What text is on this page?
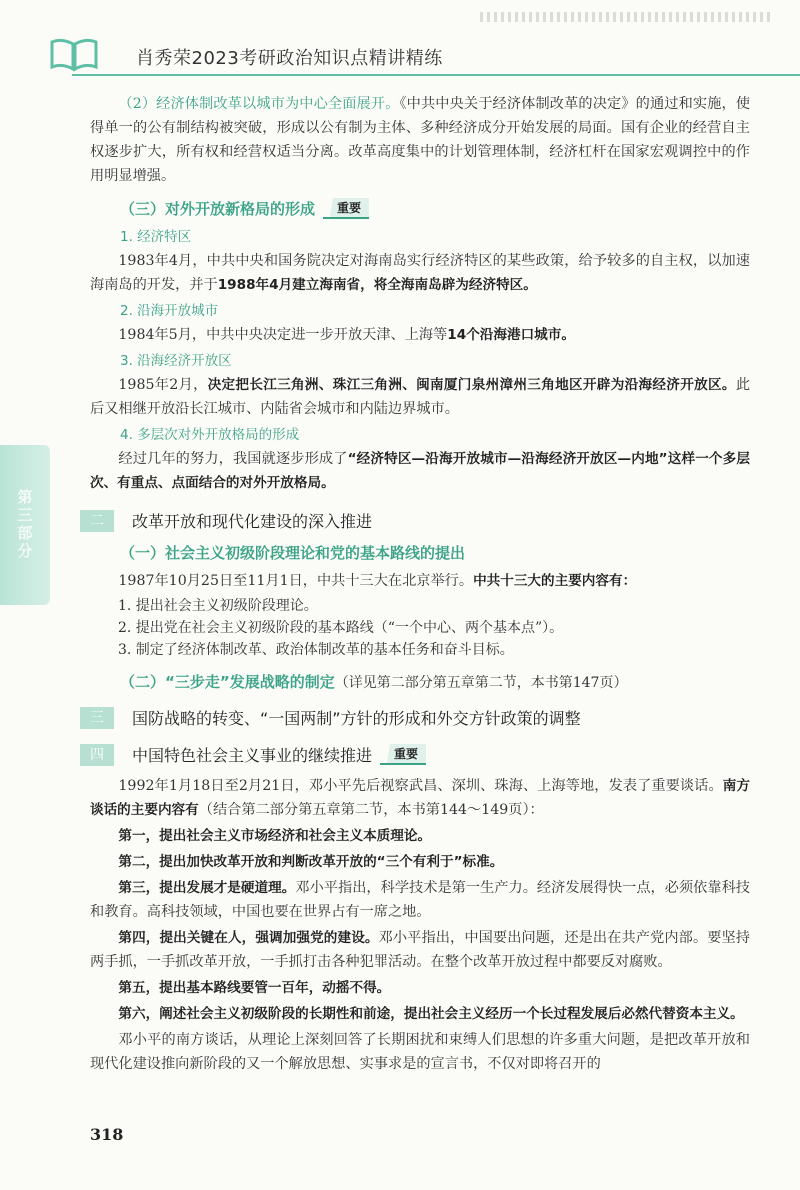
肖秀荣2023考研政治知识点精讲精练
第三部分
（2）经济体制改革以城市为中心全面展开。《中共中央关于经济体制改革的决定》的通过和实施，使得单一的公有制结构被突破，形成以公有制为主体、多种经济成分开始发展的局面。国有企业的经营自主权逐步扩大，所有权和经营权适当分离。改革高度集中的计划管理体制，经济杠杆在国家宏观调控中的作用明显增强。
（三）对外开放新格局的形成	重要
1. 经济特区
1983年4月，中共中央和国务院决定对海南岛实行经济特区的某些政策，给予较多的自主权，以加速海南岛的开发，并于1988年4月建立海南省，将全海南岛辟为经济特区。
2. 沿海开放城市
1984年5月，中共中央决定进一步开放天津、上海等14个沿海港口城市。
3. 沿海经济开放区
1985年2月，决定把长江三角洲、珠江三角洲、闽南厦门泉州漳州三角地区开辟为沿海经济开放区。此后又相继开放沿长江城市、内陆省会城市和内陆边界城市。
4. 多层次对外开放格局的形成
经过几年的努力，我国就逐步形成了“经济特区—沿海开放城市—沿海经济开放区—内地”这样一个多层次、有重点、点面结合的对外开放格局。
二	改革开放和现代化建设的深入推进
（一）社会主义初级阶段理论和党的基本路线的提出
1987年10月25日至11月1日，中共十三大在北京举行。中共十三大的主要内容有：
1. 提出社会主义初级阶段理论。
2. 提出党在社会主义初级阶段的基本路线（“一个中心、两个基本点”）。
3. 制定了经济体制改革、政治体制改革的基本任务和奋斗目标。
（二）“三步走”发展战略的制定 （详见第二部分第五章第二节，本书第147页）
三	国防战略的转变、“一国两制”方针的形成和外交方针政策的调整
四	中国特色社会主义事业的继续推进	重要
1992年1月18日至2月21日，邓小平先后视察武昌、深圳、珠海、上海等地，发表了重要谈话。南方谈话的主要内容有（结合第二部分第五章第二节，本书第144～149页）：
第一，提出社会主义市场经济和社会主义本质理论。
第二，提出加快改革开放和判断改革开放的“三个有利于”标准。
第三，提出发展才是硬道理。邓小平指出，科学技术是第一生产力。经济发展得快一点，必须依靠科技和教育。高科技领域，中国也要在世界占有一席之地。
第四，提出关键在人，强调加强党的建设。邓小平指出，中国要出问题，还是出在共产党内部。要坚持两手抓，一手抓改革开放，一手抓打击各种犯罪活动。在整个改革开放过程中都要反对腐败。
第五，提出基本路线要管一百年，动摇不得。
第六，阐述社会主义初级阶段的长期性和前途，提出社会主义经历一个长过程发展后必然代替资本主义。
邓小平的南方谈话，从理论上深刻回答了长期困扰和束缚人们思想的许多重大问题，是把改革开放和现代化建设推向新阶段的又一个解放思想、实事求是的宣言书，不仅对即将召开的
318
